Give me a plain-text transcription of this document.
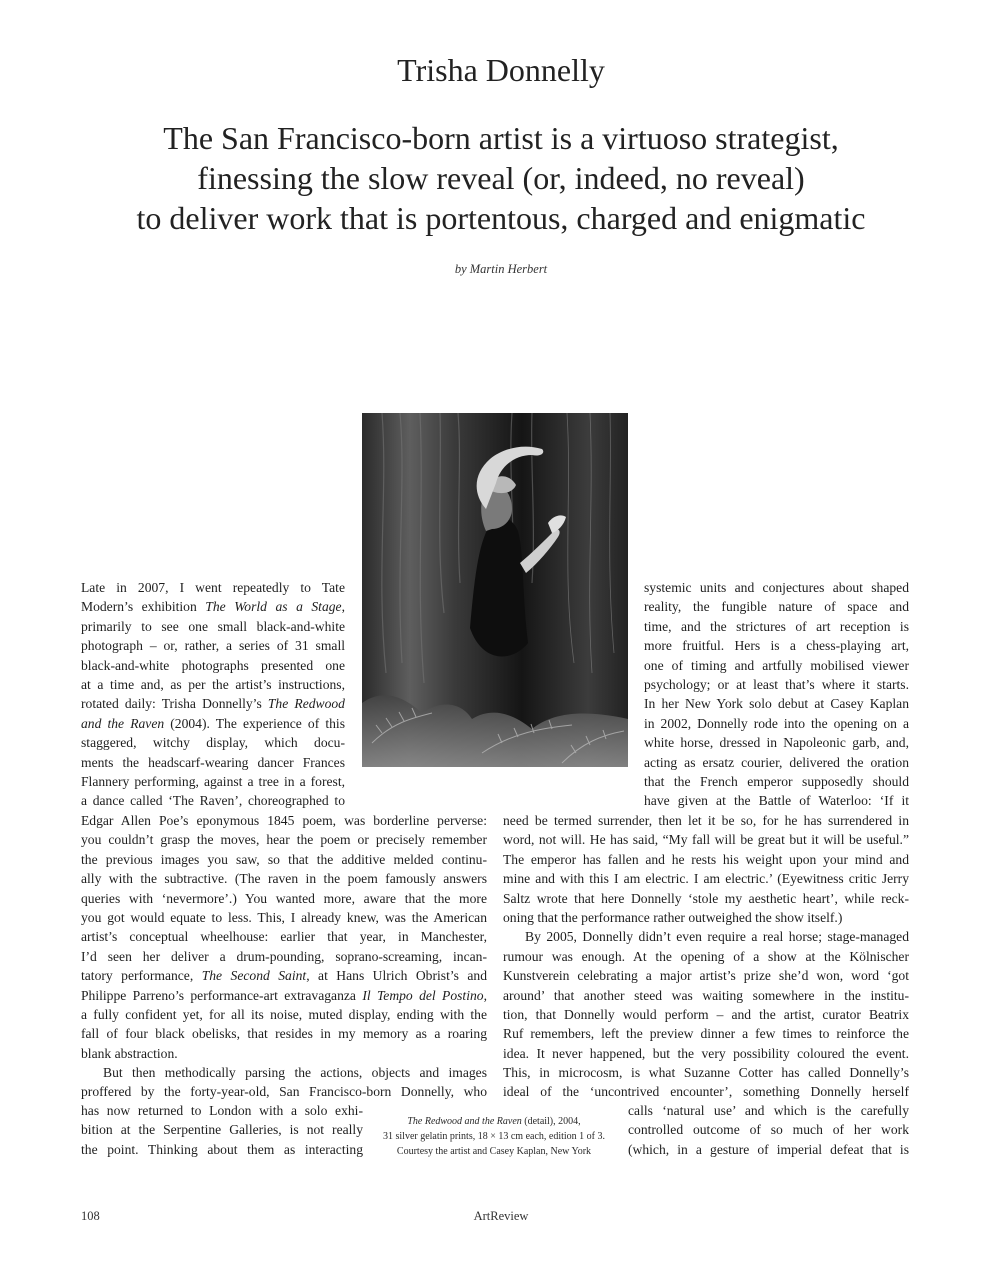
Trisha Donnelly
The San Francisco-born artist is a virtuoso strategist,
finessing the slow reveal (or, indeed, no reveal)
to deliver work that is portentous, charged and enigmatic
by Martin Herbert
Late in 2007, I went repeatedly to Tate
Modern’s exhibition The World as a Stage,
primarily to see one small black-and-white
photograph – or, rather, a series of 31 small
black-and-white photographs presented one
at a time and, as per the artist’s instructions,
rotated daily: Trisha Donnelly’s The Redwood
and the Raven (2004). The experience of this
staggered, witchy display, which docu-
ments the headscarf-wearing dancer Frances
Flannery performing, against a tree in a forest,
a dance called ‘The Raven’, choreographed to
Edgar Allen Poe’s eponymous 1845 poem, was borderline perverse:
you couldn’t grasp the moves, hear the poem or precisely remember
the previous images you saw, so that the additive melded continu-
ally with the subtractive. (The raven in the poem famously answers
queries with ‘nevermore’.) You wanted more, aware that the more
you got would equate to less. This, I already knew, was the American
artist’s conceptual wheelhouse: earlier that year, in Manchester,
I’d seen her deliver a drum-pounding, soprano-screaming, incan-
tatory performance, The Second Saint, at Hans Ulrich Obrist’s and
Philippe Parreno’s performance-art extravaganza Il Tempo del Postino,
a fully confident yet, for all its noise, muted display, ending with the
fall of four black obelisks, that resides in my memory as a roaring
blank abstraction.
But then methodically parsing the actions, objects and images
proffered by the forty-year-old, San Francisco-born Donnelly, who
has now returned to London with a solo exhi-
bition at the Serpentine Galleries, is not really
the point. Thinking about them as interacting
systemic units and conjectures about shaped
reality, the fungible nature of space and
time, and the strictures of art reception is
more fruitful. Hers is a chess-playing art,
one of timing and artfully mobilised viewer
psychology; or at least that’s where it starts.
In her New York solo debut at Casey Kaplan
in 2002, Donnelly rode into the opening on a
white horse, dressed in Napoleonic garb, and,
acting as ersatz courier, delivered the oration
that the French emperor supposedly should
have given at the Battle of Waterloo: ‘If it
need be termed surrender, then let it be so, for he has surrendered in
word, not will. He has said, “My fall will be great but it will be useful.”
The emperor has fallen and he rests his weight upon your mind and
mine and with this I am electric. I am electric.’ (Eyewitness critic Jerry
Saltz wrote that here Donnelly ‘stole my aesthetic heart’, while reck-
oning that the performance rather outweighed the show itself.)
By 2005, Donnelly didn’t even require a real horse; stage-managed
rumour was enough. At the opening of a show at the Kölnischer
Kunstverein celebrating a major artist’s prize she’d won, word ‘got
around’ that another steed was waiting somewhere in the institu-
tion, that Donnelly would perform – and the artist, curator Beatrix
Ruf remembers, left the preview dinner a few times to reinforce the
idea. It never happened, but the very possibility coloured the event.
This, in microcosm, is what Suzanne Cotter has called Donnelly’s
ideal of the ‘uncontrived encounter’, something Donnelly herself
calls ‘natural use’ and which is the carefully
controlled outcome of so much of her work
(which, in a gesture of imperial defeat that is
The Redwood and the Raven (detail), 2004,
31 silver gelatin prints, 18 × 13 cm each, edition 1 of 3.
Courtesy the artist and Casey Kaplan, New York
108	ArtReview
